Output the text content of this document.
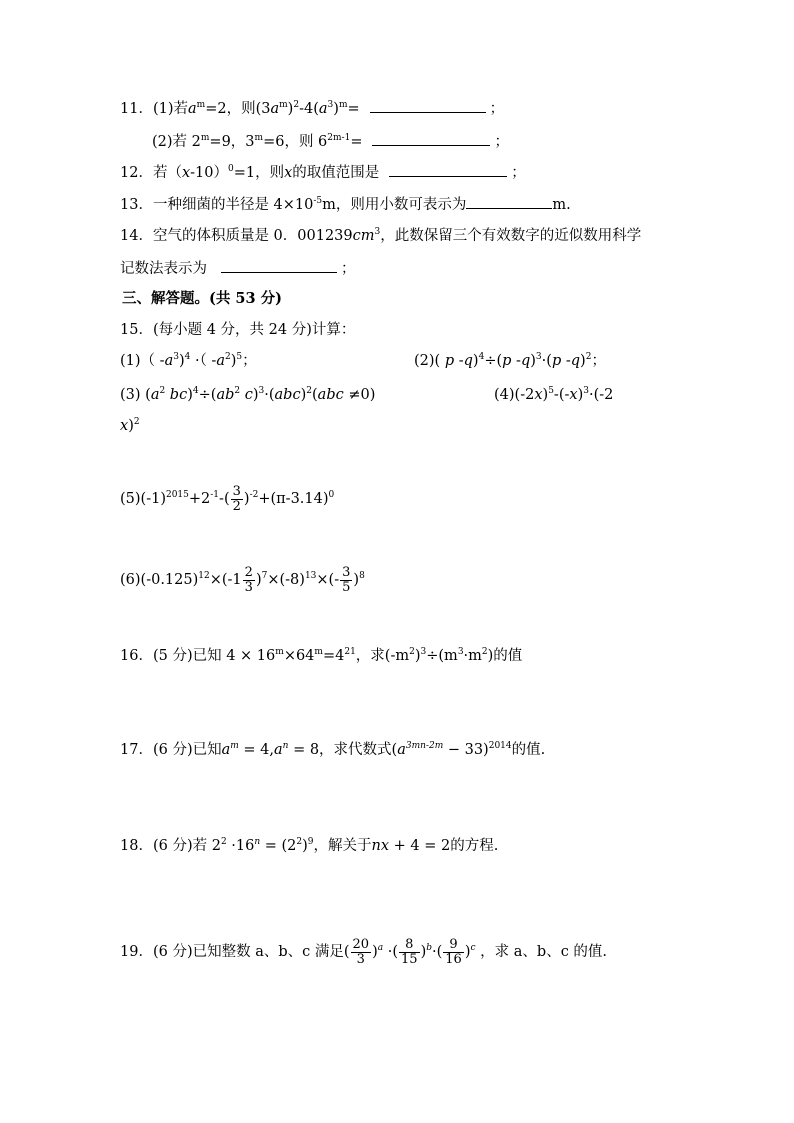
11．(1)若$a^m=2$，则$(3a^m)^2-4(a^3)^m=$	；
(2)若 $2^m=9$，$3^m=6$，则 $6^{2m-1}=$	；
12．若$(x-10)^0=1$，则x的取值范围是	；
13．一种细菌的半径是 $4\times 10^{-5}m$，则用小数可表示为	m.
14．空气的体积质量是 0．$001239cm^3$，此数保留三个有效数字的近似数用科学
记数法表示为	；
三、解答题。(共 53 分)
15．(每小题 4 分，共 24 分)计算：
(1)（ $-a^3)^4$ ·（ $-a^2)^5$；	(2)( p -q)$^4$÷(p -q)$^3$·(p -q)$^2$；
(3) ($a^2$ $bc)^4\div(ab^2$ c)$^3$·(abc)$^2$(abc ≠0)	$(4)(-2x)^5-(-x)^3\cdot(-2$
x)$^2$
$(5)(-1)^{2015}+2^{-1}-( \frac{3}{2} )^{-2}+(\pi-3.14)^0$
$(6)(-0.125)^{12}\times(-1 \frac{2}{3} )^7\times(-8)^{13}\times(- \frac{3}{5} )^8$
16．(5 分)已知 $4 \times 16^m\times 64^m=4^{21}$，求$(-m^2)^3\div(m^3\cdot m^2)$的值
17．(6 分)已知$a^m = 4,a^n = 8$，求代数式$(a^{3mn-2m} - 33)^{2014}$的值.
18．(6 分)若 $2^2 \cdot 16^n = (2^2)^9$，解关于nx + 4 = 2的方程.
19．(6 分)已知整数 a、b、c 满足( $\frac{20}{3} )^a$ ·( $\frac{8}{15} )^b\cdot( \frac{9}{16} )^c$ ，求 a、b、c 的值.
